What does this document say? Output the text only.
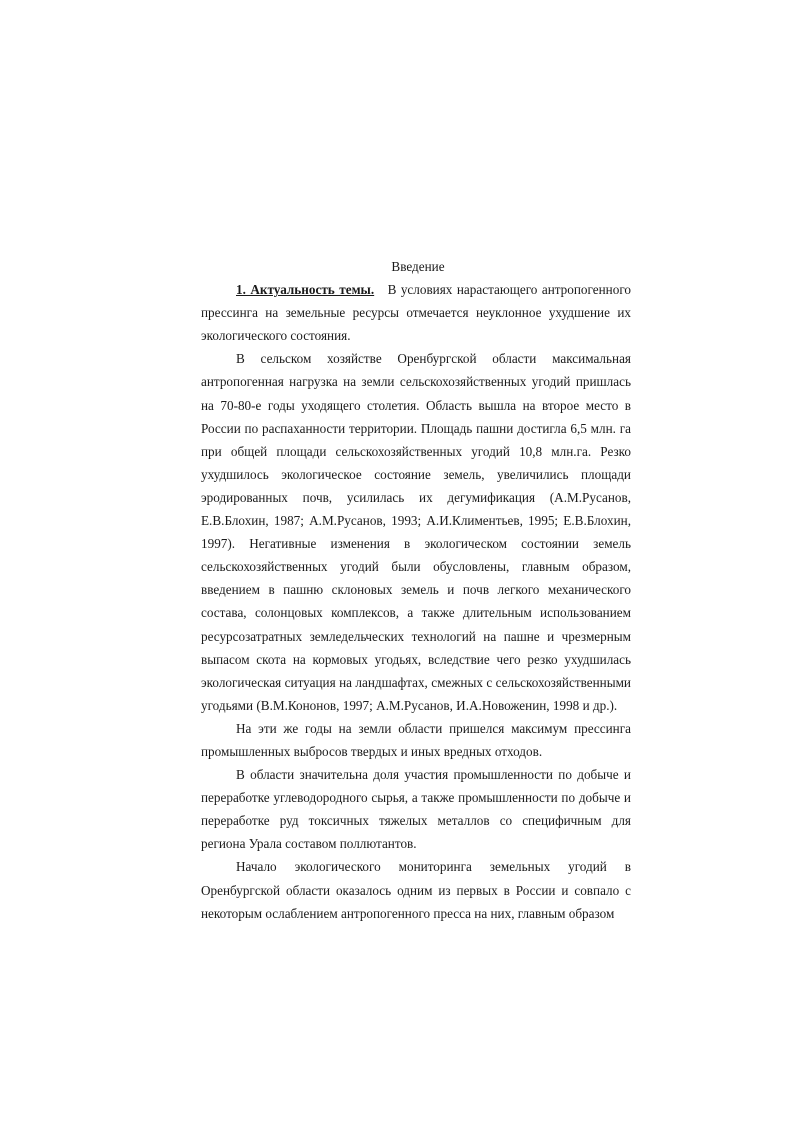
Введение

1. Актуальность темы. В условиях нарастающего антропогенного прессинга на земельные ресурсы отмечается неуклонное ухудшение их экологического состояния.

В сельском хозяйстве Оренбургской области максимальная антропогенная нагрузка на земли сельскохозяйственных угодий пришлась на 70-80-е годы уходящего столетия. Область вышла на второе место в России по распаханности территории. Площадь пашни достигла 6,5 млн. га при общей площади сельскохозяйственных угодий 10,8 млн.га. Резко ухудшилось экологическое состояние земель, увеличились площади эродированных почв, усилилась их дегумификация (А.М.Русанов, Е.В.Блохин, 1987; А.М.Русанов, 1993; А.И.Климентьев, 1995; Е.В.Блохин, 1997). Негативные изменения в экологическом состоянии земель сельскохозяйственных угодий были обусловлены, главным образом, введением в пашню склоновых земель и почв легкого механического состава, солонцовых комплексов, а также длительным использованием ресурсозатратных земледельческих технологий на пашне и чрезмерным выпасом скота на кормовых угодьях, вследствие чего резко ухудшилась экологическая ситуация на ландшафтах, смежных с сельскохозяйственными угодьями (В.М.Кононов, 1997; А.М.Русанов, И.А.Новоженин, 1998 и др.).

На эти же годы на земли области пришелся максимум прессинга промышленных выбросов твердых и иных вредных отходов.

В области значительна доля участия промышленности по добыче и переработке углеводородного сырья, а также промышленности по добыче и переработке руд токсичных тяжелых металлов со специфичным для региона Урала составом поллютантов.

Начало экологического мониторинга земельных угодий в Оренбургской области оказалось одним из первых в России и совпало с некоторым ослаблением антропогенного пресса на них, главным образом
